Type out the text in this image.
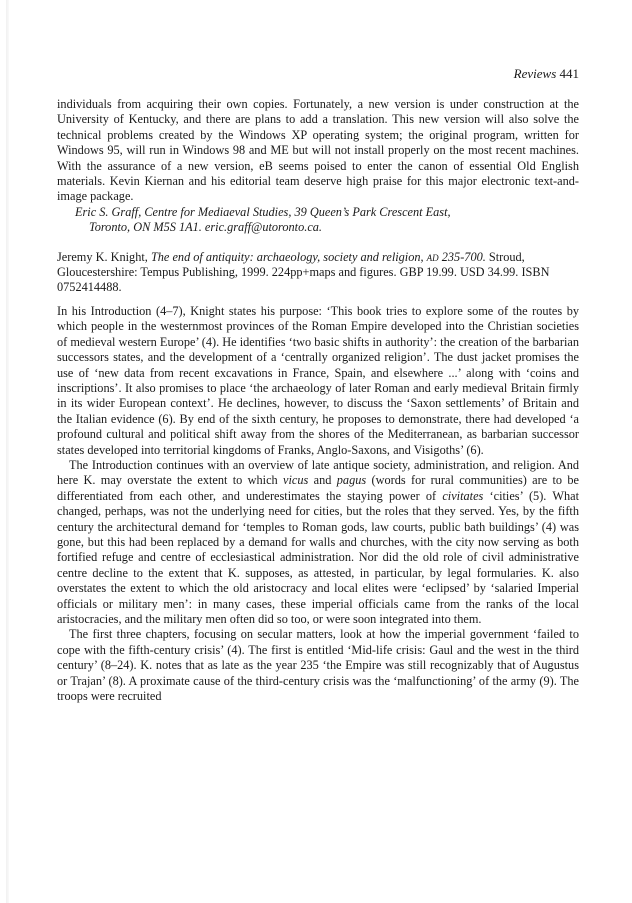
Reviews 441

individuals from acquiring their own copies. Fortunately, a new version is under construction at the University of Kentucky, and there are plans to add a translation. This new version will also solve the technical problems created by the Windows XP operating system; the original program, written for Windows 95, will run in Windows 98 and ME but will not install properly on the most recent machines. With the assurance of a new version, eB seems poised to enter the canon of essential Old English materials. Kevin Kiernan and his editorial team deserve high praise for this major electronic text-and-image package.

Eric S. Graff, Centre for Mediaeval Studies, 39 Queen’s Park Crescent East,
Toronto, ON M5S 1A1. eric.graff@utoronto.ca.

Jeremy K. Knight, The end of antiquity: archaeology, society and religion, ad 235-700. Stroud, Gloucestershire: Tempus Publishing, 1999. 224pp+maps and figures. GBP 19.99. USD 34.99. ISBN 0752414488.

In his Introduction (4–7), Knight states his purpose: ‘This book tries to explore some of the routes by which people in the westernmost provinces of the Roman Empire developed into the Christian societies of medieval western Europe’ (4). He identifies ‘two basic shifts in authority’: the creation of the barbarian successors states, and the development of a ‘centrally organized religion’. The dust jacket promises the use of ‘new data from recent excavations in France, Spain, and elsewhere ...’ along with ‘coins and inscriptions’. It also promises to place ‘the archaeology of later Roman and early medieval Britain firmly in its wider European context’. He declines, however, to discuss the ‘Saxon settlements’ of Britain and the Italian evidence (6). By end of the sixth century, he proposes to demonstrate, there had developed ‘a profound cultural and political shift away from the shores of the Mediterranean, as barbarian successor states developed into territorial kingdoms of Franks, Anglo-Saxons, and Visigoths’ (6).

The Introduction continues with an overview of late antique society, administration, and religion. And here K. may overstate the extent to which vicus and pagus (words for rural communities) are to be differentiated from each other, and underestimates the staying power of civitates ‘cities’ (5). What changed, perhaps, was not the underlying need for cities, but the roles that they served. Yes, by the fifth century the architectural demand for ‘temples to Roman gods, law courts, public bath buildings’ (4) was gone, but this had been replaced by a demand for walls and churches, with the city now serving as both fortified refuge and centre of ecclesiastical administration. Nor did the old role of civil administrative centre decline to the extent that K. supposes, as attested, in particular, by legal formularies. K. also overstates the extent to which the old aristocracy and local elites were ‘eclipsed’ by ‘salaried Imperial officials or military men’: in many cases, these imperial officials came from the ranks of the local aristocracies, and the military men often did so too, or were soon integrated into them.

The first three chapters, focusing on secular matters, look at how the imperial government ‘failed to cope with the fifth-century crisis’ (4). The first is entitled ‘Mid-life crisis: Gaul and the west in the third century’ (8–24). K. notes that as late as the year 235 ‘the Empire was still recognizably that of Augustus or Trajan’ (8). A proximate cause of the third-century crisis was the ‘malfunctioning’ of the army (9). The troops were recruited
